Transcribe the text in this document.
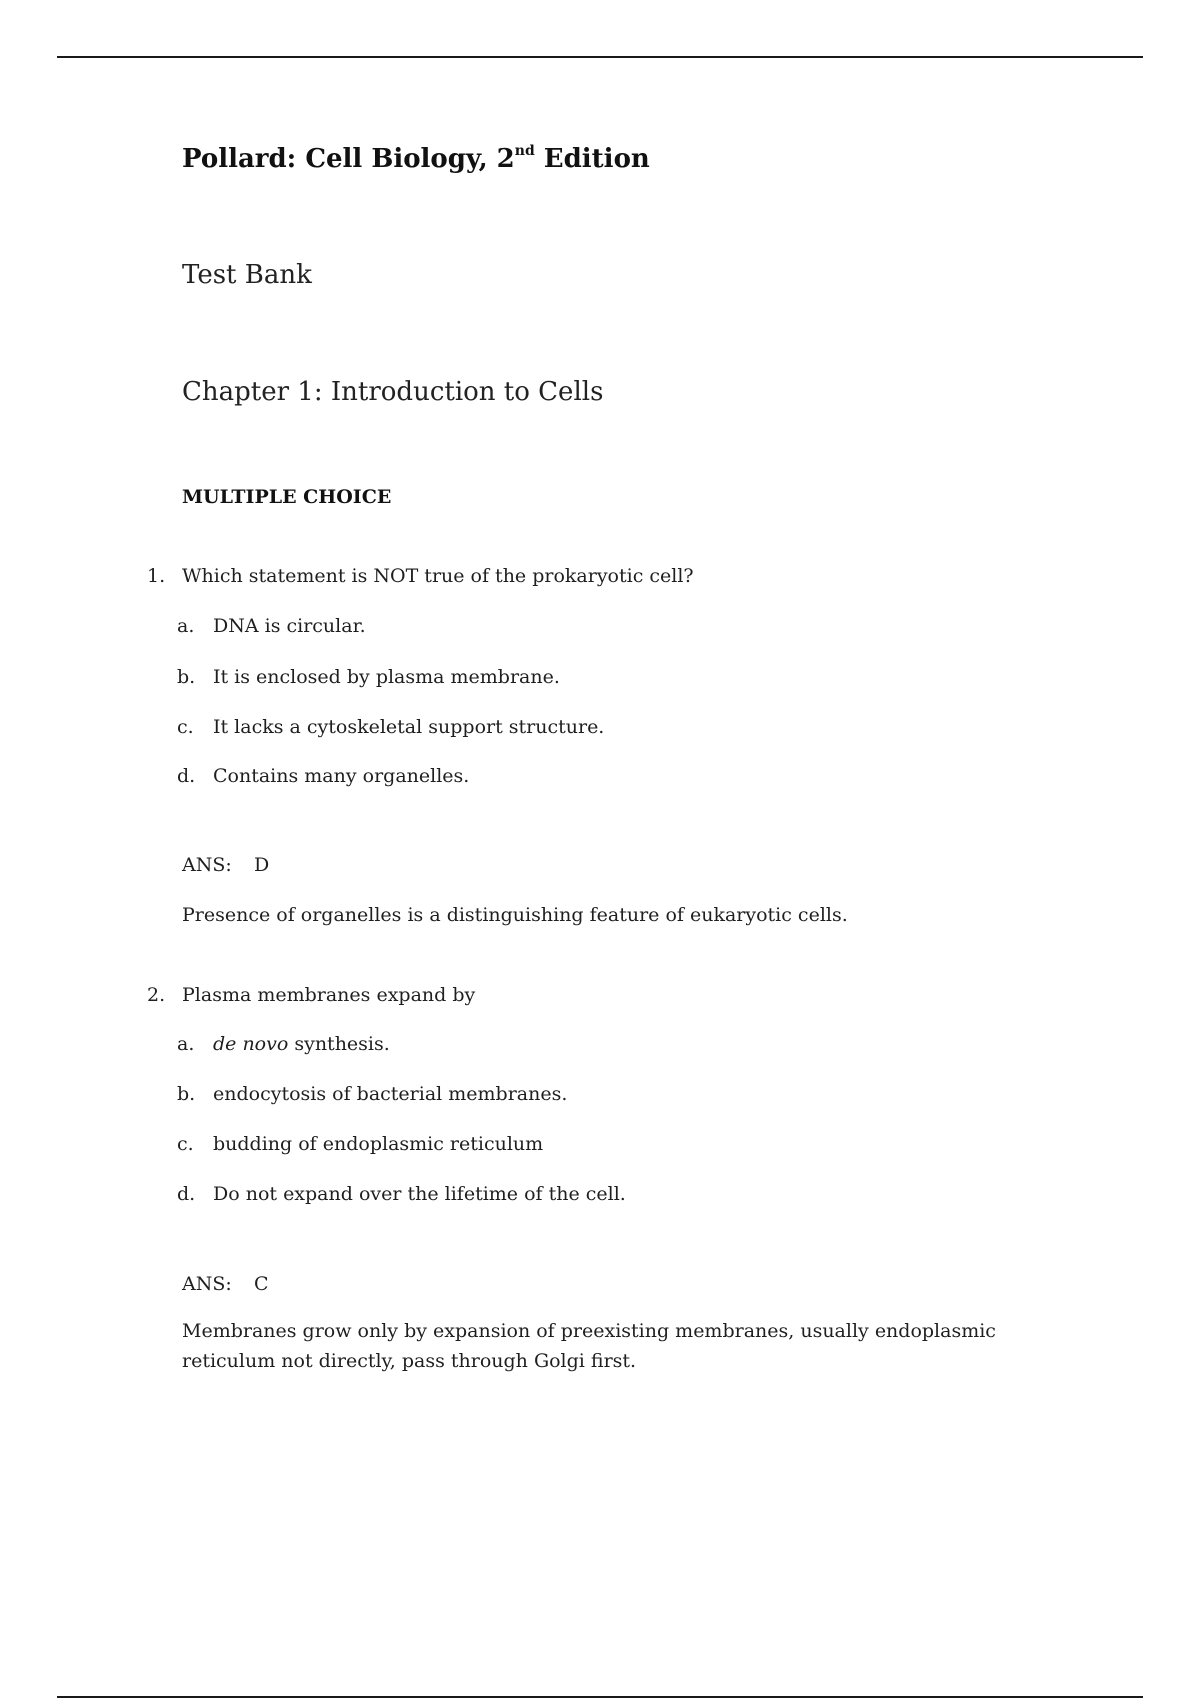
Pollard: Cell Biology, 2nd Edition
Test Bank
Chapter 1: Introduction to Cells
MULTIPLE CHOICE
1. Which statement is NOT true of the prokaryotic cell?
a. DNA is circular.
b. It is enclosed by plasma membrane.
c. It lacks a cytoskeletal support structure.
d. Contains many organelles.
ANS: D
Presence of organelles is a distinguishing feature of eukaryotic cells.
2. Plasma membranes expand by
a. de novo synthesis.
b. endocytosis of bacterial membranes.
c. budding of endoplasmic reticulum
d. Do not expand over the lifetime of the cell.
ANS: C
Membranes grow only by expansion of preexisting membranes, usually endoplasmic
reticulum not directly, pass through Golgi first.
